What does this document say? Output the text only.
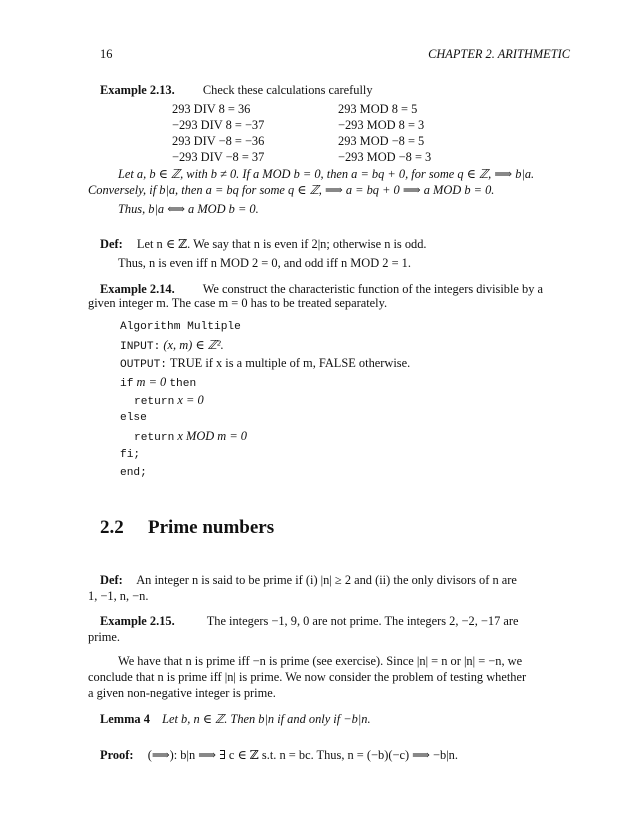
16	CHAPTER 2. ARITHMETIC
Example 2.13. Check these calculations carefully
293 DIV 8 = 36
−293 DIV 8 = −37
293 DIV −8 = −36
−293 DIV −8 = 37
293 MOD 8 = 5
−293 MOD 8 = 3
293 MOD −8 = 5
−293 MOD −8 = 3
Let a, b ∈ ℤ, with b ≠ 0. If a MOD b = 0, then a = bq + 0, for some q ∈ ℤ, ⟹ b|a.
Conversely, if b|a, then a = bq for some q ∈ ℤ, ⟹ a = bq + 0 ⟹ a MOD b = 0.
Thus, b|a ⟺ a MOD b = 0.
Def: Let n ∈ ℤ. We say that n is even if 2|n; otherwise n is odd.
Thus, n is even iff n MOD 2 = 0, and odd iff n MOD 2 = 1.
Example 2.14. We construct the characteristic function of the integers divisible by a
given integer m. The case m = 0 has to be treated separately.
Algorithm Multiple
INPUT: (x, m) ∈ ℤ².
OUTPUT: TRUE if x is a multiple of m, FALSE otherwise.
if m = 0 then
return x = 0
else
return x MOD m = 0
fi;
end;
2.2 Prime numbers
Def: An integer n is said to be prime if (i) |n| ≥ 2 and (ii) the only divisors of n are
1, −1, n, −n.
Example 2.15.	The integers −1, 9, 0 are not prime. The integers 2, −2, −17 are
prime.
We have that n is prime iff −n is prime (see exercise). Since |n| = n or |n| = −n, we
conclude that n is prime iff |n| is prime. We now consider the problem of testing whether
a given non-negative integer is prime.
Lemma 4 Let b, n ∈ ℤ. Then b|n if and only if −b|n.
Proof: (⟹): b|n ⟹ ∃ c ∈ ℤ s.t. n = bc. Thus, n = (−b)(−c) ⟹ −b|n.
